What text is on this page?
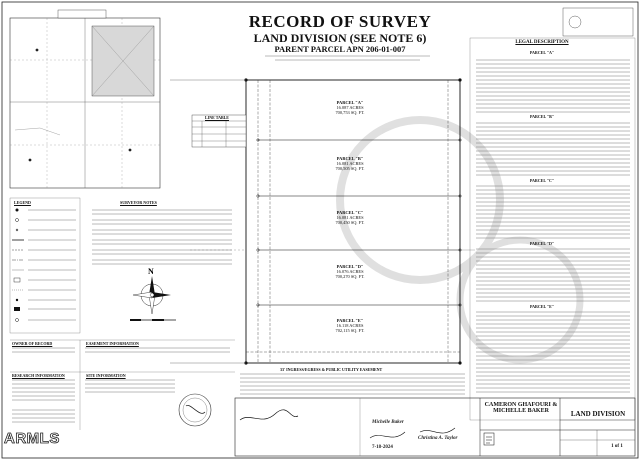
N
RECORD OF SURVEY
LAND DIVISION (SEE NOTE 6)
PARENT PARCEL APN 206-01-007
PARCEL "A"
16.087 ACRES
700,753 SQ. FT.
PARCEL "B"
16.081 ACRES
700,505 SQ. FT.
PARCEL "C"
16.081 ACRES
700,450 SQ. FT.
PARCEL "D"
16.076 ACRES
700,270 SQ. FT.
PARCEL "E"
16.118 ACRES
702,115 SQ. FT.
LINE TABLE
LEGAL DESCRIPTION
PARCEL "A"
PARCEL "B"
PARCEL "C"
PARCEL "D"
PARCEL "E"
LEGEND	SURVEYOR NOTES
OWNER OF RECORD	EASEMENT INFORMATION
RESEARCH INFORMATION	SITE INFORMATION
33' INGRESS/EGRESS & PUBLIC UTILITY EASEMENT
CAMERON GHAFOURI & MICHELLE BAKER	LAND DIVISION
1 of 1
Michelle Baker
Christina A. Taylor
7-18-2024
ARMLS
